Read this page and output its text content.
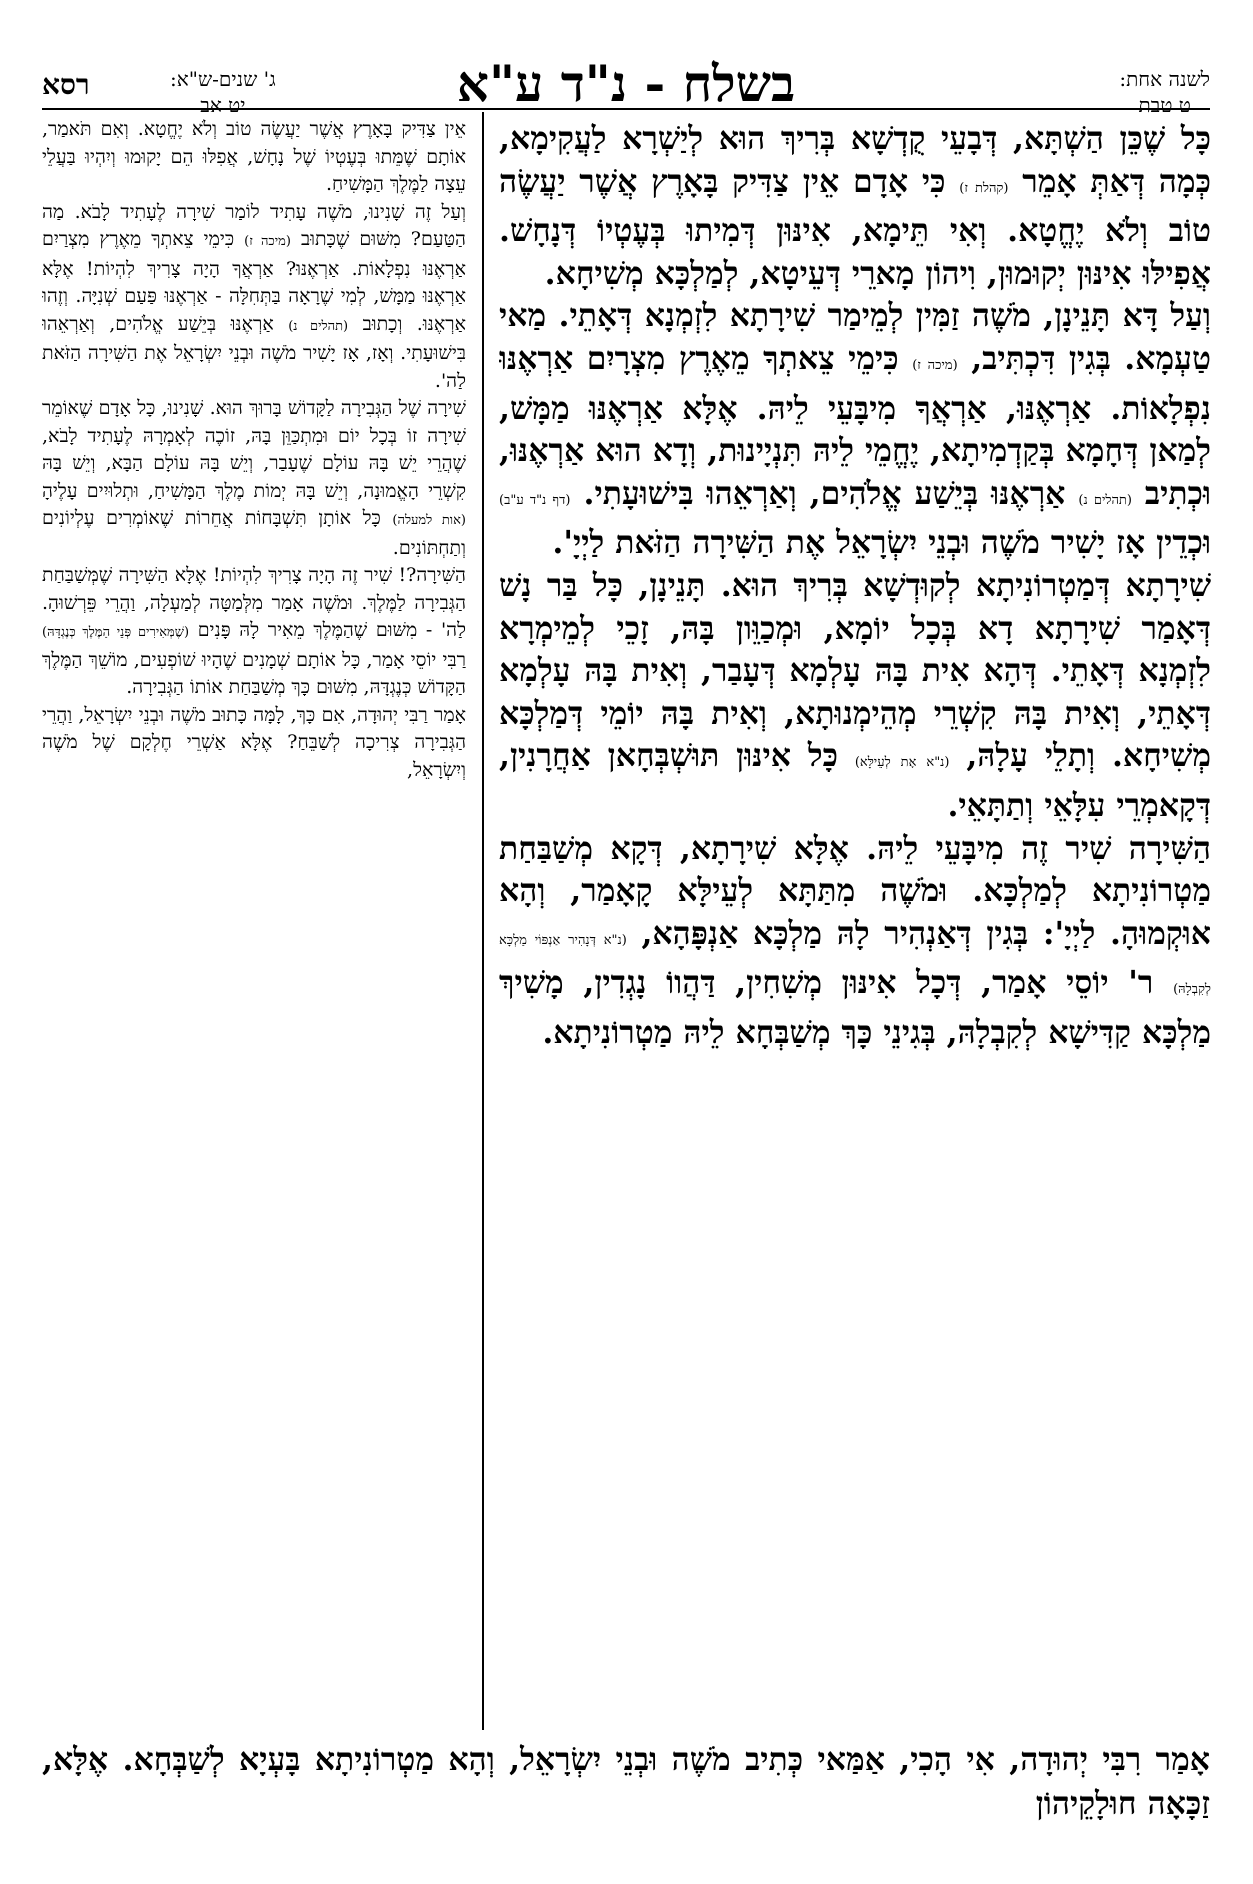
לשנה אחת:
ט טבת
בשלח - נ"ד ע"א
ג' שנים-ש"א:
יט אב
רסא

כָּל שֶׁכֵּן הַשְׁתָּא, דְּבָעֵי קֻדְשָׁא בְּרִיךְ הוּא לְיַשְׁרָא לַעֲקִימָא, כְּמָה דְּאַתְּ אָמֵר (קהלת ז) כִּי אָדָם אֵין צַדִּיק בָּאָרֶץ אֲשֶׁר יַעֲשֶׂה טוֹב וְלֹא יֶחֱטָא. וְאִי תֵּימָא, אִינּוּן דְּמִיתוּ בְּעֶטְיוֹ דְּנָחָשׁ. אֲפִילּוּ אִינּוּן יְקוּמוּן, וִיהוֹן מָארֵי דְּעֵיטָא, לְמַלְכָּא מְשִׁיחָא.

וְעַל דָּא תָּנֵינָן, מֹשֶׁה זַמִּין לְמֵימַר שִׁירָתָא לִזְמְנָא דְּאָתֵי. מַאי טַעְמָא. בְּגִין דִּכְתִּיב, (מיכה ז) כִּימֵי צֵאתְךָ מֵאֶרֶץ מִצְרָיִם אַרְאֶנּוּ נִפְלָאוֹת. אַרְאֶנּוּ, אַרְאֲךָ מִיבָּעֵי לֵיהּ. אֶלָּא אַרְאֶנּוּ מַמָּשׁ, לְמַאן דְּחָמָא בְּקַדְמִיתָא, יֶחֱמֵי לֵיהּ תִּנְיָינוּת, וְדָא הוּא אַרְאֶנּוּ, וּכְתִיב (תהלים נ) אַרְאֶנּוּ בְּיֵשַׁע אֱלֹהִים, וְאַרְאֵהוּ בִּישׁוּעָתִי. (דף נ"ד ע"ב) וּכְדֵין אָז יָשִׁיר מֹשֶׁה וּבְנֵי יִשְׂרָאֵל אֶת הַשִּׁירָה הַזֹּאת לַיְיָ'.

שִׁירָתָא דְּמַטְרוֹנִיתָא לְקוּדְשָׁא בְּרִיךְ הוּא. תָּנֵינָן, כָּל בַּר נָשׁ דְּאָמַר שִׁירָתָא דָא בְּכָל יוֹמָא, וּמְכַוֵּון בָּהּ, זָכֵי לְמֵימְרָא לִזְמְנָא דְּאָתֵי. דְּהָא אִית בָּהּ עָלְמָא דְּעָבַר, וְאִית בָּהּ עָלְמָא דְּאָתֵי, וְאִית בָּהּ קִשְׁרֵי מְהֵימְנוּתָא, וְאִית בָּהּ יוֹמֵי דְּמַלְכָּא מְשִׁיחָא. וְתָלֵי עָלָהּ, (נ"א אָת לְעֵילָּא) כָּל אִינּוּן תּוּשְׁבְּחָאן אַחֲרָנִין, דְּקָאמְרֵי עִלָּאֵי וְתַתָּאֵי.

הַשִּׁירָה שִׁיר זֶה מִיבָּעֵי לֵיהּ. אֶלָּא שִׁירָתָא, דְּקָא מְשַׁבַּחַת מַטְרוֹנִיתָא לְמַלְכָּא. וּמֹשֶׁה מִתַּתָּא לְעֵילָּא קָאָמַר, וְהָא אוּקְמוּהָ. לַיְיָ': בְּגִין דְּאַנְהִיר לָהּ מַלְכָּא אַנְפָּהָא, (נ"א דְּנָהִיר אַנְפּוֹי מַלְכָּא לְקִבְלָהּ) ר' יוֹסֵי אָמַר, דְּכָל אִינּוּן מְשִׁחִין, דַּהֲווֹ נָגְדִין, מָשִׁיךְ מַלְכָּא קַדִּישָׁא לְקִבְלָהּ, בְּגִינֵי כָּךְ מְשַׁבְּחָא לֵיהּ מַטְרוֹנִיתָא.

אֵין צַדִּיק בָּאָרֶץ אֲשֶׁר יַעֲשֶׂה טוֹב וְלֹא יֶחֱטָא. וְאִם תֹּאמַר, אוֹתָם שֶׁמֵּתוּ בְּעֶטְיוֹ שֶׁל נָחָשׁ, אֲפִלּוּ הֵם יָקוּמוּ וְיִהְיוּ בַּעֲלֵי עֵצָה לַמֶּלֶךְ הַמָּשִׁיחַ.

וְעַל זֶה שָׁנִינוּ, מֹשֶׁה עָתִיד לוֹמַר שִׁירָה לֶעָתִיד לָבֹא. מַה הַטַּעַם? מִשּׁוּם שֶׁכָּתוּב (מיכה ז) כִּימֵי צֵאתְךָ מֵאֶרֶץ מִצְרַיִם אַרְאֶנּוּ נִפְלָאוֹת. אַרְאֶנּוּ? אַרְאֲךָ הָיָה צָרִיךְ לִהְיוֹת! אֶלָּא אַרְאֶנּוּ מַמָּשׁ, לְמִי שֶׁרָאָה בַּתְּחִלָּה - אַרְאֶנּוּ פַּעַם שְׁנִיָּה. וְזֶהוּ אַרְאֶנּוּ. וְכָתוּב (תהלים נ) אַרְאֶנּוּ בְּיֵשַׁע אֱלֹהִים, וְאַרְאֵהוּ בִּישׁוּעָתִי. וְאָז, אָז יָשִׁיר מֹשֶׁה וּבְנֵי יִשְׂרָאֵל אֶת הַשִּׁירָה הַזֹּאת לַה'.

שִׁירָה שֶׁל הַגְּבִירָה לַקָּדוֹשׁ בָּרוּךְ הוּא. שָׁנִינוּ, כָּל אָדָם שֶׁאוֹמֵר שִׁירָה זוֹ בְּכָל יוֹם וּמִתְכַּוֵּן בָּהּ, זוֹכֶה לְאָמְרָהּ לֶעָתִיד לָבֹא, שֶׁהֲרֵי יֵשׁ בָּהּ עוֹלָם שֶׁעָבַר, וְיֵשׁ בָּהּ עוֹלָם הַבָּא, וְיֵשׁ בָּהּ קִשְׁרֵי הָאֱמוּנָה, וְיֵשׁ בָּהּ יְמוֹת מֶלֶךְ הַמָּשִׁיחַ, וּתְלוּיִים עָלֶיהָ (אות למעלה) כָּל אוֹתָן תִּשְׁבָּחוֹת אֲחֵרוֹת שֶׁאוֹמְרִים עֶלְיוֹנִים וְתַחְתּוֹנִים.

הַשִּׁירָה?! שִׁיר זֶה הָיָה צָרִיךְ לִהְיוֹת! אֶלָּא הַשִּׁירָה שֶׁמְּשַׁבַּחַת הַגְּבִירָה לַמֶּלֶךְ. וּמֹשֶׁה אָמַר מִלְּמַטָּה לְמַעְלָה, וַהֲרֵי פֵּרְשׁוּהָ. לַה' - מִשּׁוּם שֶׁהַמֶּלֶךְ מֵאִיר לָהּ פָּנִים (שֶׁמְּאִירִים פְּנֵי הַמֶּלֶךְ כְּנֶגְדָּהּ) רַבִּי יוֹסֵי אָמַר, כָּל אוֹתָם שְׁמָנִים שֶׁהָיוּ שׁוֹפְעִים, מוֹשֵׁךְ הַמֶּלֶךְ הַקָּדוֹשׁ כְּנֶגְדָּהּ, מִשּׁוּם כָּךְ מְשַׁבַּחַת אוֹתוֹ הַגְּבִירָה.

אָמַר רַבִּי יְהוּדָה, אִם כָּךְ, לָמָּה כָּתוּב מֹשֶׁה וּבְנֵי יִשְׂרָאֵל, וַהֲרֵי הַגְּבִירָה צְרִיכָה לְשַׁבֵּחַ? אֶלָּא אַשְׁרֵי חֶלְקָם שֶׁל מֹשֶׁה וְיִשְׂרָאֵל,

אָמַר רִבִּי יְהוּדָה, אִי הָכִי, אַמַּאי כְּתִיב מֹשֶׁה וּבְנֵי יִשְׂרָאֵל, וְהָא מַטְרוֹנִיתָא בָּעְיָא לְשַׁבְּחָא. אֶלָּא, זַכָּאָה חוּלָקֵיהוֹן
